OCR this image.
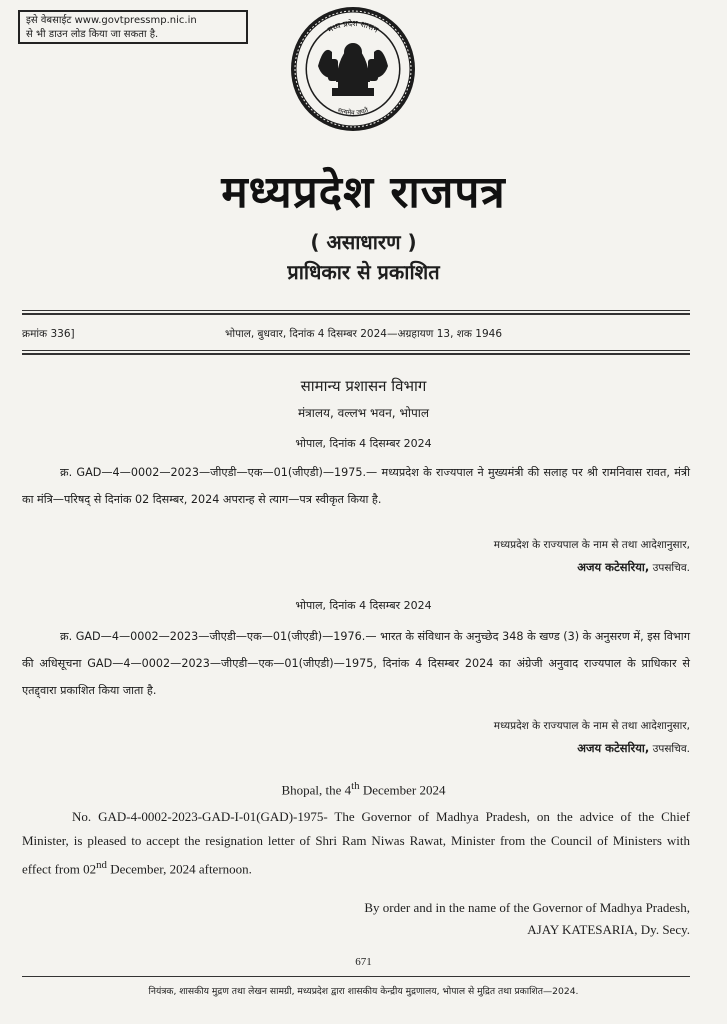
इसे वेबसाईट www.govtpressmp.nic.in
से भी डाउन लोड किया जा सकता है.	मध्य प्रदेश शासन
सत्यमेव जयते
मध्यप्रदेश राजपत्र
( असाधारण )
प्राधिकार से प्रकाशित
क्रमांक 336]	भोपाल, बुधवार, दिनांक 4 दिसम्बर 2024—अग्रहायण 13, शक 1946
सामान्य प्रशासन विभाग
मंत्रालय, वल्लभ भवन, भोपाल
भोपाल, दिनांक 4 दिसम्बर 2024
क्र. GAD—4—0002—2023—जीएडी—एक—01(जीएडी)—1975.— मध्यप्रदेश के राज्यपाल ने मुख्यमंत्री की सलाह पर श्री रामनिवास रावत, मंत्री का मंत्रि—परिषद् से दिनांक 02 दिसम्बर, 2024 अपरान्ह से त्याग—पत्र स्वीकृत किया है.
मध्यप्रदेश के राज्यपाल के नाम से तथा आदेशानुसार,
अजय कटेसरिया, उपसचिव.
भोपाल, दिनांक 4 दिसम्बर 2024
क्र. GAD—4—0002—2023—जीएडी—एक—01(जीएडी)—1976.— भारत के संविधान के अनुच्छेद 348 के खण्ड (3) के अनुसरण में, इस विभाग की अधिसूचना GAD—4—0002—2023—जीएडी—एक—01(जीएडी)—1975, दिनांक 4 दिसम्बर 2024 का अंग्रेजी अनुवाद राज्यपाल के प्राधिकार से एतद्द्वारा प्रकाशित किया जाता है.
मध्यप्रदेश के राज्यपाल के नाम से तथा आदेशानुसार,
अजय कटेसरिया, उपसचिव.
Bhopal, the 4th December 2024
No. GAD-4-0002-2023-GAD-I-01(GAD)-1975- The Governor of Madhya Pradesh, on the advice of the Chief Minister, is pleased to accept the resignation letter of Shri Ram Niwas Rawat, Minister from the Council of Ministers with effect from 02nd December, 2024 afternoon.
By order and in the name of the Governor of Madhya Pradesh,
AJAY KATESARIA, Dy. Secy.
671
नियंत्रक, शासकीय मुद्रण तथा लेखन सामग्री, मध्यप्रदेश द्वारा शासकीय केन्द्रीय मुद्रणालय, भोपाल से मुद्रित तथा प्रकाशित—2024.
